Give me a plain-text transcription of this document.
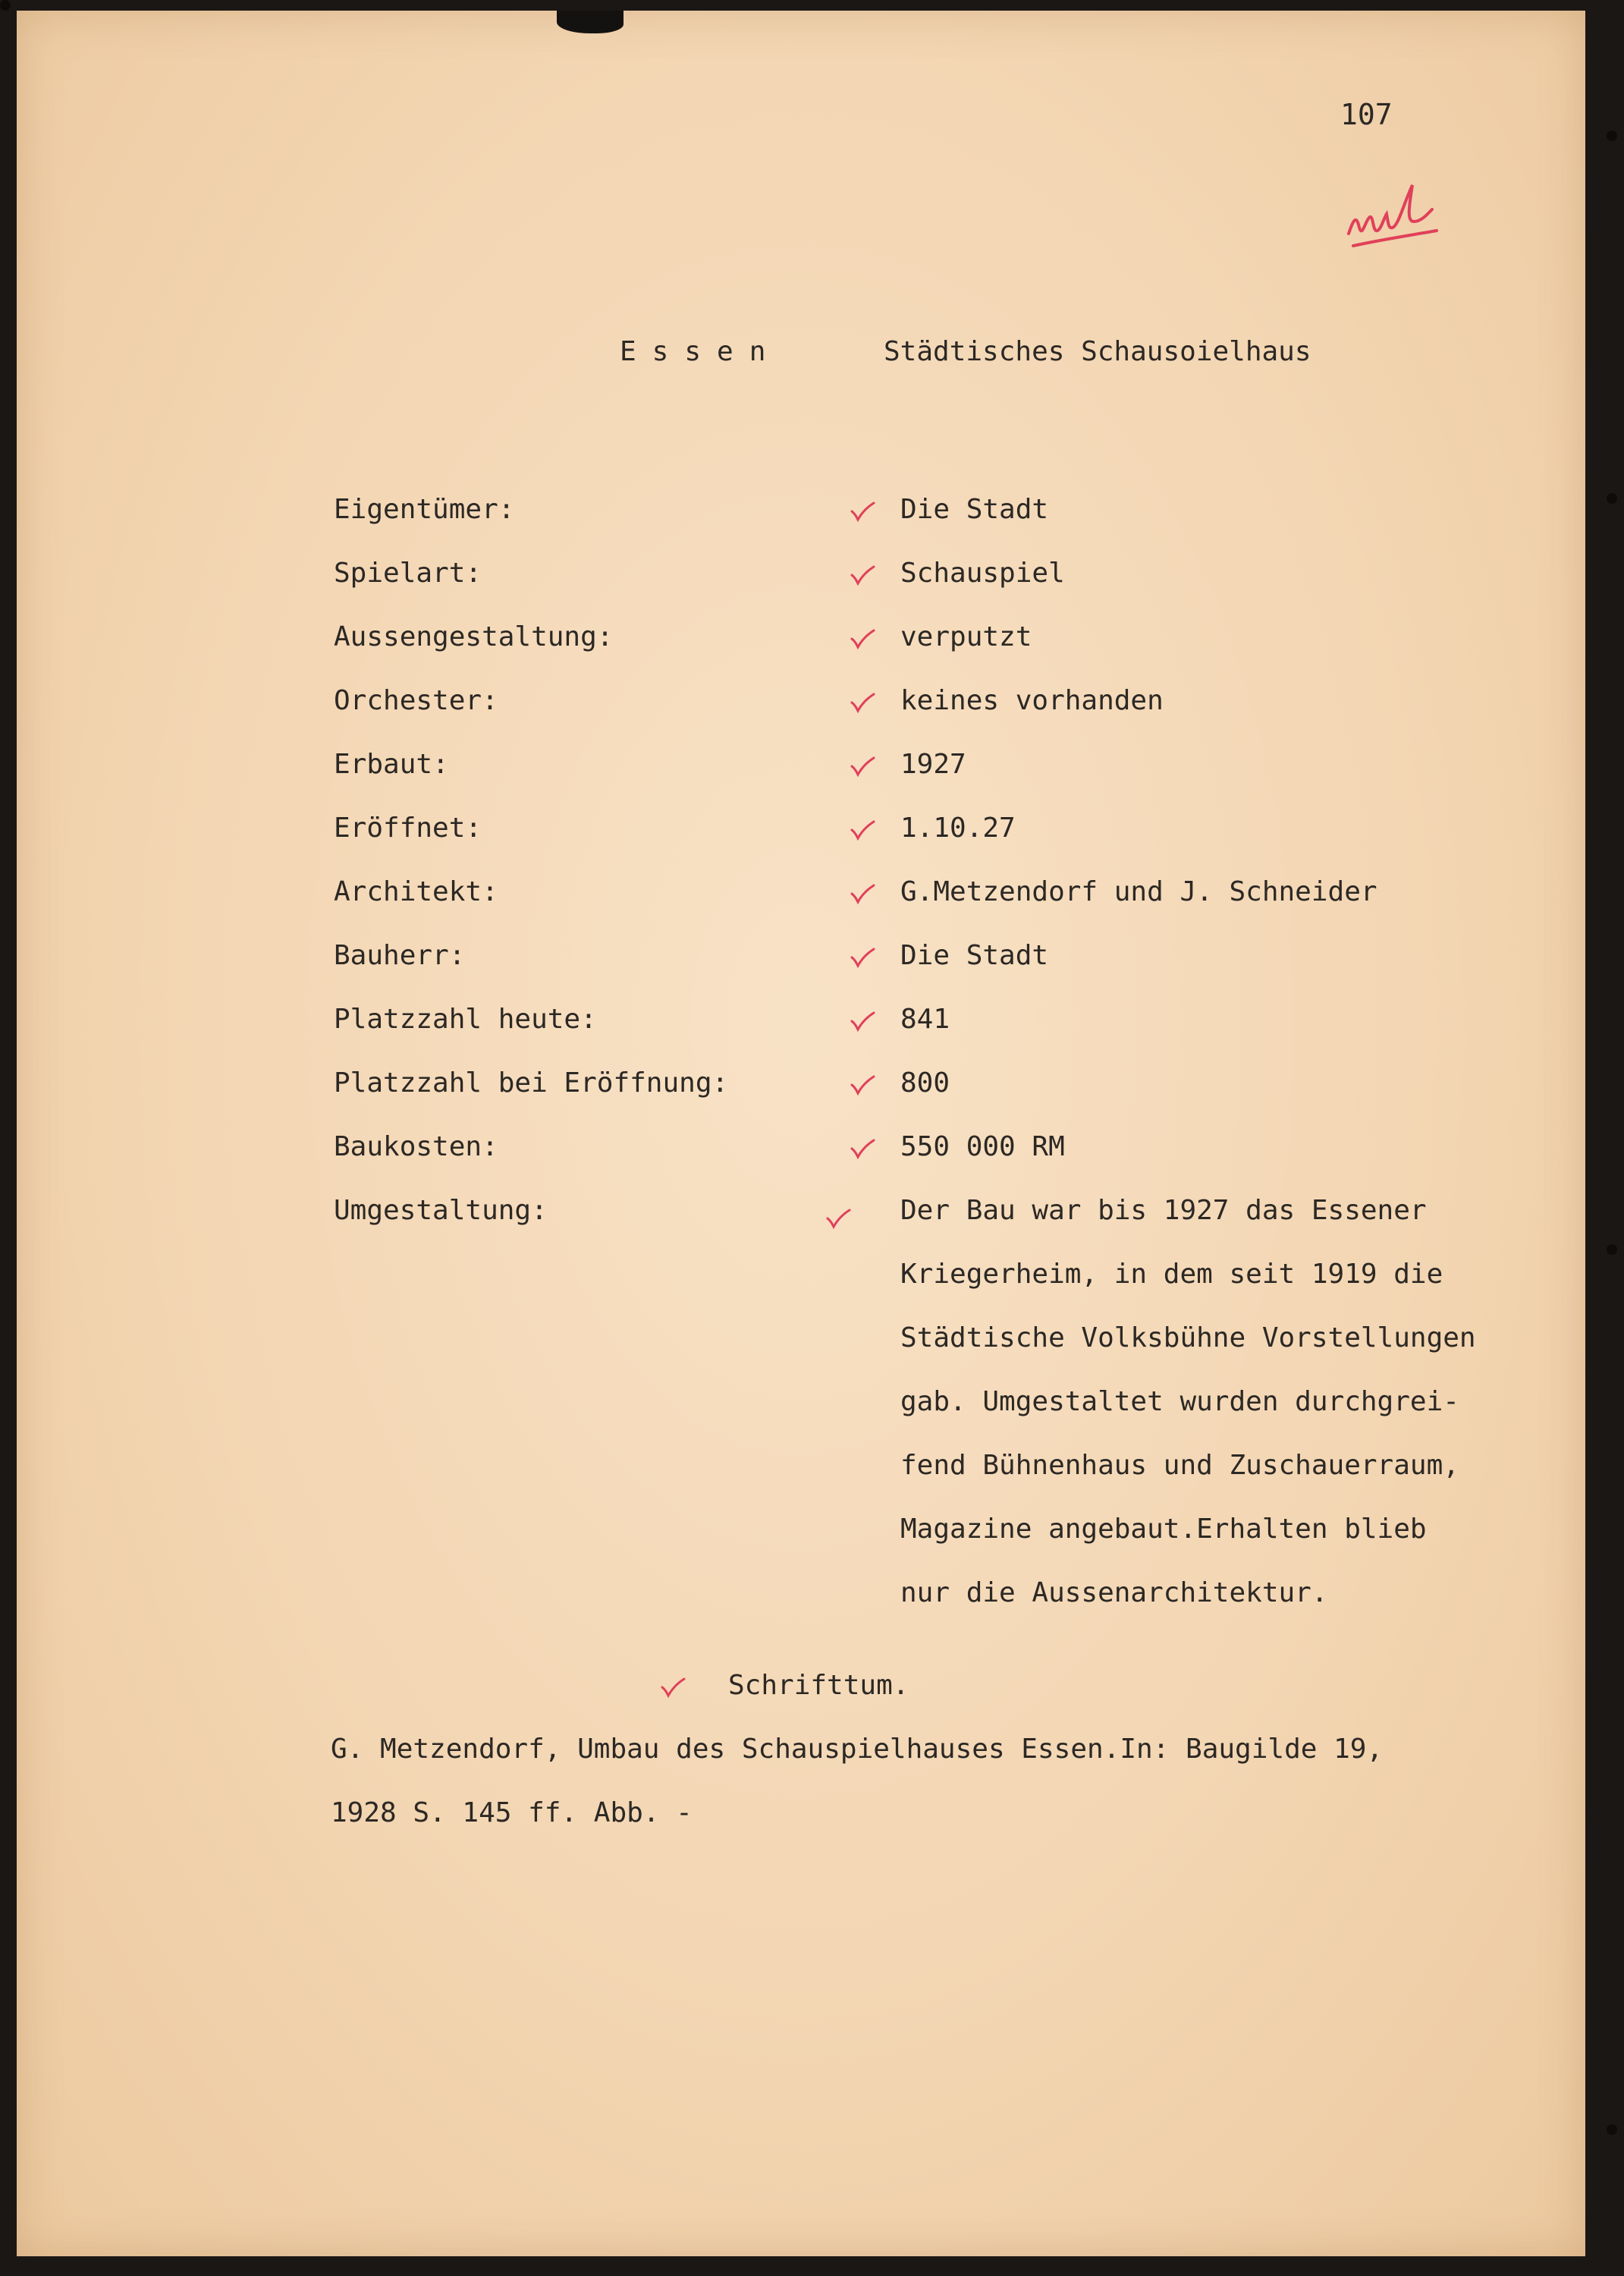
107
Essen	Städtisches Schausoielhaus
Eigentümer:	Die Stadt
Spielart:	Schauspiel
Aussengestaltung:	verputzt
Orchester:	keines vorhanden
Erbaut:	1927
Eröffnet:	1.10.27
Architekt:	G.Metzendorf und J. Schneider
Bauherr:	Die Stadt
Platzzahl heute:	841
Platzzahl bei Eröffnung:	800
Baukosten:	550 000 RM
Umgestaltung:	Der Bau war bis 1927 das Essener
Kriegerheim, in dem seit 1919 die
Städtische Volksbühne Vorstellungen
gab. Umgestaltet wurden durchgrei-
fend Bühnenhaus und Zuschauerraum,
Magazine angebaut.Erhalten blieb
nur die Aussenarchitektur.
Schrifttum.
G. Metzendorf, Umbau des Schauspielhauses Essen.In: Baugilde 19,
1928 S. 145 ff. Abb. -
